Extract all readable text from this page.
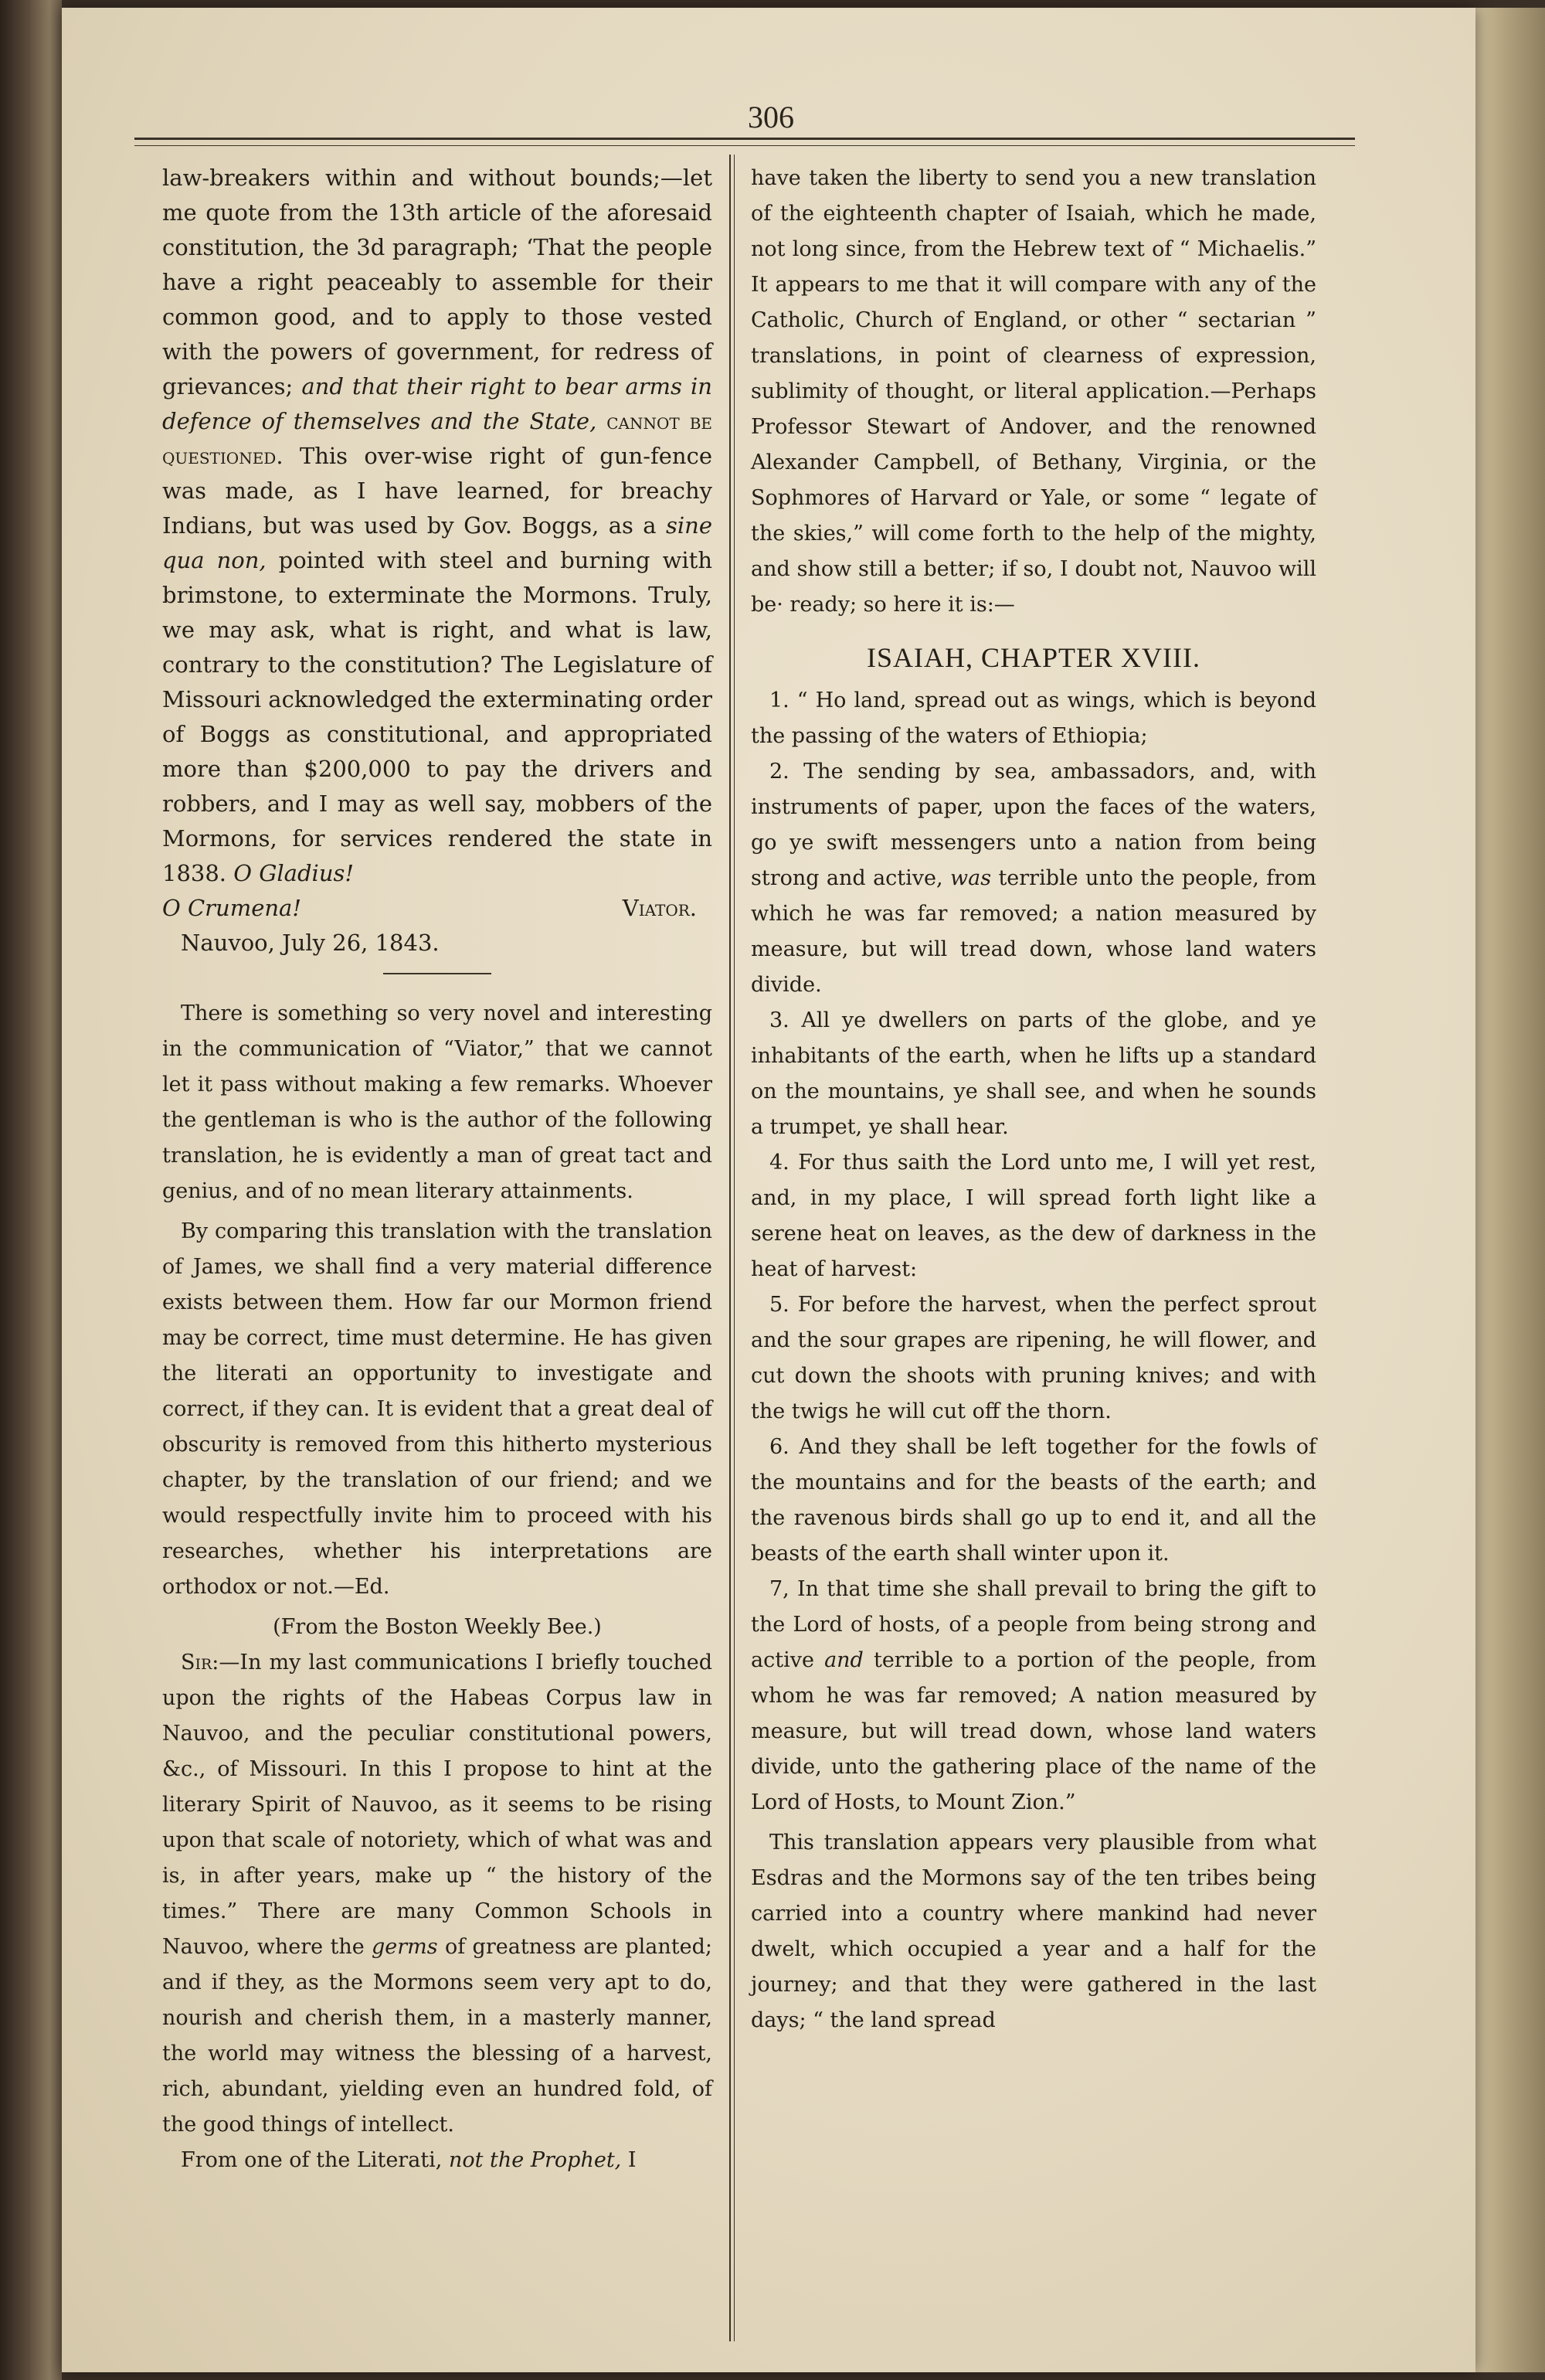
306

law-breakers within and without bounds;—let me quote from the 13th article of the aforesaid constitution, the 3d paragraph; ‘That the people have a right peaceably to assemble for their common good, and to apply to those vested with the powers of government, for redress of grievances; and that their right to bear arms in defence of themselves and the State, cannot be questioned. This over-wise right of gun-fence was made, as I have learned, for breachy Indians, but was used by Gov. Boggs, as a sine qua non, pointed with steel and burning with brimstone, to exterminate the Mormons. Truly, we may ask, what is right, and what is law, contrary to the constitution? The Legislature of Missouri acknowledged the exterminating order of Boggs as constitutional, and appropriated more than $200,000 to pay the drivers and robbers, and I may as well say, mobbers of the Mormons, for services rendered the state in 1838. O Gladius!

O Crumena!	Viator.

Nauvoo, July 26, 1843.

There is something so very novel and interesting in the communication of “Viator,” that we cannot let it pass without making a few remarks. Whoever the gentleman is who is the author of the following translation, he is evidently a man of great tact and genius, and of no mean literary attainments.

By comparing this translation with the translation of James, we shall find a very material difference exists between them. How far our Mormon friend may be correct, time must determine. He has given the literati an opportunity to investigate and correct, if they can. It is evident that a great deal of obscurity is removed from this hitherto mysterious chapter, by the translation of our friend; and we would respectfully invite him to proceed with his researches, whether his interpretations are orthodox or not.—Ed.

(From the Boston Weekly Bee.)

Sir:—In my last communications I briefly touched upon the rights of the Habeas Corpus law in Nauvoo, and the peculiar constitutional powers, &c., of Missouri. In this I propose to hint at the literary Spirit of Nauvoo, as it seems to be rising upon that scale of notoriety, which of what was and is, in after years, make up “ the history of the times.” There are many Common Schools in Nauvoo, where the germs of greatness are planted; and if they, as the Mormons seem very apt to do, nourish and cherish them, in a masterly manner, the world may witness the blessing of a harvest, rich, abundant, yielding even an hundred fold, of the good things of intellect.

From one of the Literati, not the Prophet, I

have taken the liberty to send you a new translation of the eighteenth chapter of Isaiah, which he made, not long since, from the Hebrew text of “ Michaelis.” It appears to me that it will compare with any of the Catholic, Church of England, or other “ sectarian ” translations, in point of clearness of expression, sublimity of thought, or literal application.—Perhaps Professor Stewart of Andover, and the renowned Alexander Campbell, of Bethany, Virginia, or the Sophmores of Harvard or Yale, or some “ legate of the skies,” will come forth to the help of the mighty, and show still a better; if so, I doubt not, Nauvoo will be· ready; so here it is:—

ISAIAH, CHAPTER XVIII.

1. “ Ho land, spread out as wings, which is beyond the passing of the waters of Ethiopia;

2. The sending by sea, ambassadors, and, with instruments of paper, upon the faces of the waters, go ye swift messengers unto a nation from being strong and active, was terrible unto the people, from which he was far removed; a nation measured by measure, but will tread down, whose land waters divide.

3. All ye dwellers on parts of the globe, and ye inhabitants of the earth, when he lifts up a standard on the mountains, ye shall see, and when he sounds a trumpet, ye shall hear.

4. For thus saith the Lord unto me, I will yet rest, and, in my place, I will spread forth light like a serene heat on leaves, as the dew of darkness in the heat of harvest:

5. For before the harvest, when the perfect sprout and the sour grapes are ripening, he will flower, and cut down the shoots with pruning knives; and with the twigs he will cut off the thorn.

6. And they shall be left together for the fowls of the mountains and for the beasts of the earth; and the ravenous birds shall go up to end it, and all the beasts of the earth shall winter upon it.

7, In that time she shall prevail to bring the gift to the Lord of hosts, of a people from being strong and active and terrible to a portion of the people, from whom he was far removed; A nation measured by measure, but will tread down, whose land waters divide, unto the gathering place of the name of the Lord of Hosts, to Mount Zion.”

This translation appears very plausible from what Esdras and the Mormons say of the ten tribes being carried into a country where mankind had never dwelt, which occupied a year and a half for the journey; and that they were gathered in the last days; “ the land spread
